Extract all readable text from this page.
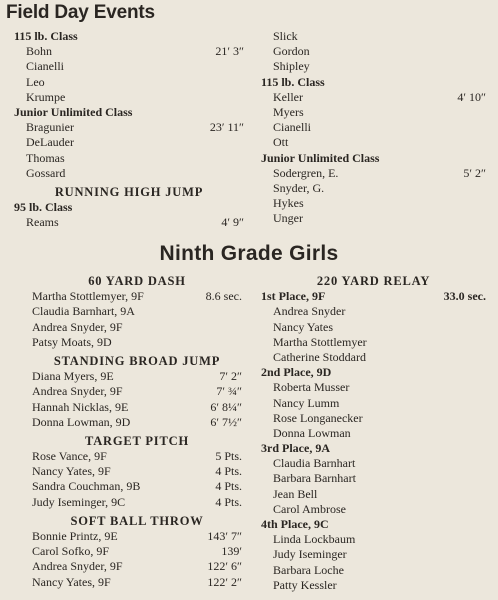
Field Day Events
115 lb. Class
Bohn	21′ 3″
Cianelli
Leo
Krumpe
Junior Unlimited Class
Bragunier	23′ 11″
DeLauder
Thomas
Gossard
RUNNING HIGH JUMP
95 lb. Class
Reams	4′ 9″
Slick
Gordon
Shipley
115 lb. Class
Keller	4′ 10″
Myers
Cianelli
Ott
Junior Unlimited Class
Sodergren, E.	5′ 2″
Snyder, G.
Hykes
Unger
Ninth Grade Girls
60 YARD DASH
Martha Stottlemyer, 9F	8.6 sec.
Claudia Barnhart, 9A
Andrea Snyder, 9F
Patsy Moats, 9D
STANDING BROAD JUMP
Diana Myers, 9E	7′ 2″
Andrea Snyder, 9F	7′ ¾″
Hannah Nicklas, 9E	6′ 8¼″
Donna Lowman, 9D	6′ 7½″
TARGET PITCH
Rose Vance, 9F	5 Pts.
Nancy Yates, 9F	4 Pts.
Sandra Couchman, 9B	4 Pts.
Judy Iseminger, 9C	4 Pts.
SOFT BALL THROW
Bonnie Printz, 9E	143′ 7″
Carol Sofko, 9F	139′
Andrea Snyder, 9F	122′ 6″
Nancy Yates, 9F	122′ 2″
220 YARD RELAY
1st Place, 9F	33.0 sec.
Andrea Snyder
Nancy Yates
Martha Stottlemyer
Catherine Stoddard
2nd Place, 9D
Roberta Musser
Nancy Lumm
Rose Longanecker
Donna Lowman
3rd Place, 9A
Claudia Barnhart
Barbara Barnhart
Jean Bell
Carol Ambrose
4th Place, 9C
Linda Lockbaum
Judy Iseminger
Barbara Loche
Patty Kessler
